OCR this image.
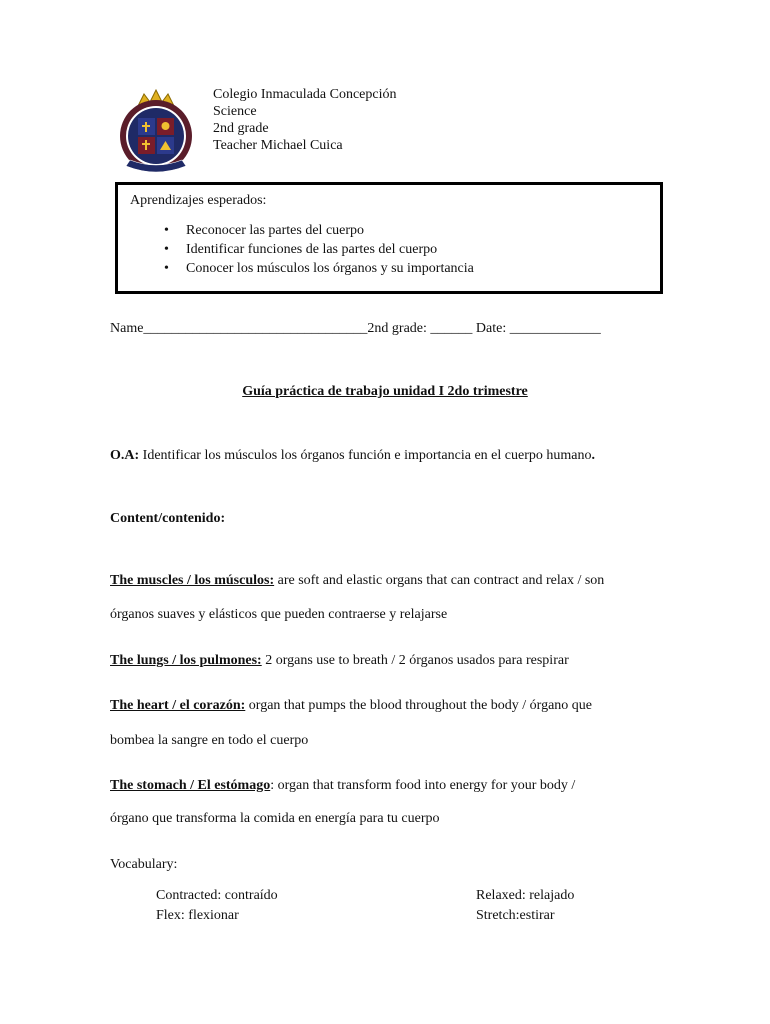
Colegio Inmaculada Concepción
Science
2nd grade
Teacher Michael Cuica
Aprendizajes esperados:
• Reconocer las partes del cuerpo
• Identificar funciones de las partes del cuerpo
• Conocer los músculos los órganos y su importancia
Name________________________________2nd grade: ______ Date: _____________
Guía práctica de trabajo unidad I 2do trimestre
O.A: Identificar los músculos los órganos función e importancia en el cuerpo humano.
Content/contenido:
The muscles / los músculos: are soft and elastic organs that can contract and relax / son
órganos suaves y elásticos que pueden contraerse y relajarse
The lungs / los pulmones: 2 organs use to breath / 2 órganos usados para respirar
The heart / el corazón: organ that pumps the blood throughout the body / órgano que
bombea la sangre en todo el cuerpo
The stomach / El estómago: organ that transform food into energy for your body /
órgano que transforma la comida en energía para tu cuerpo
Vocabulary:
Contracted: contraído
Flex: flexionar
Relaxed: relajado
Stretch:estirar
